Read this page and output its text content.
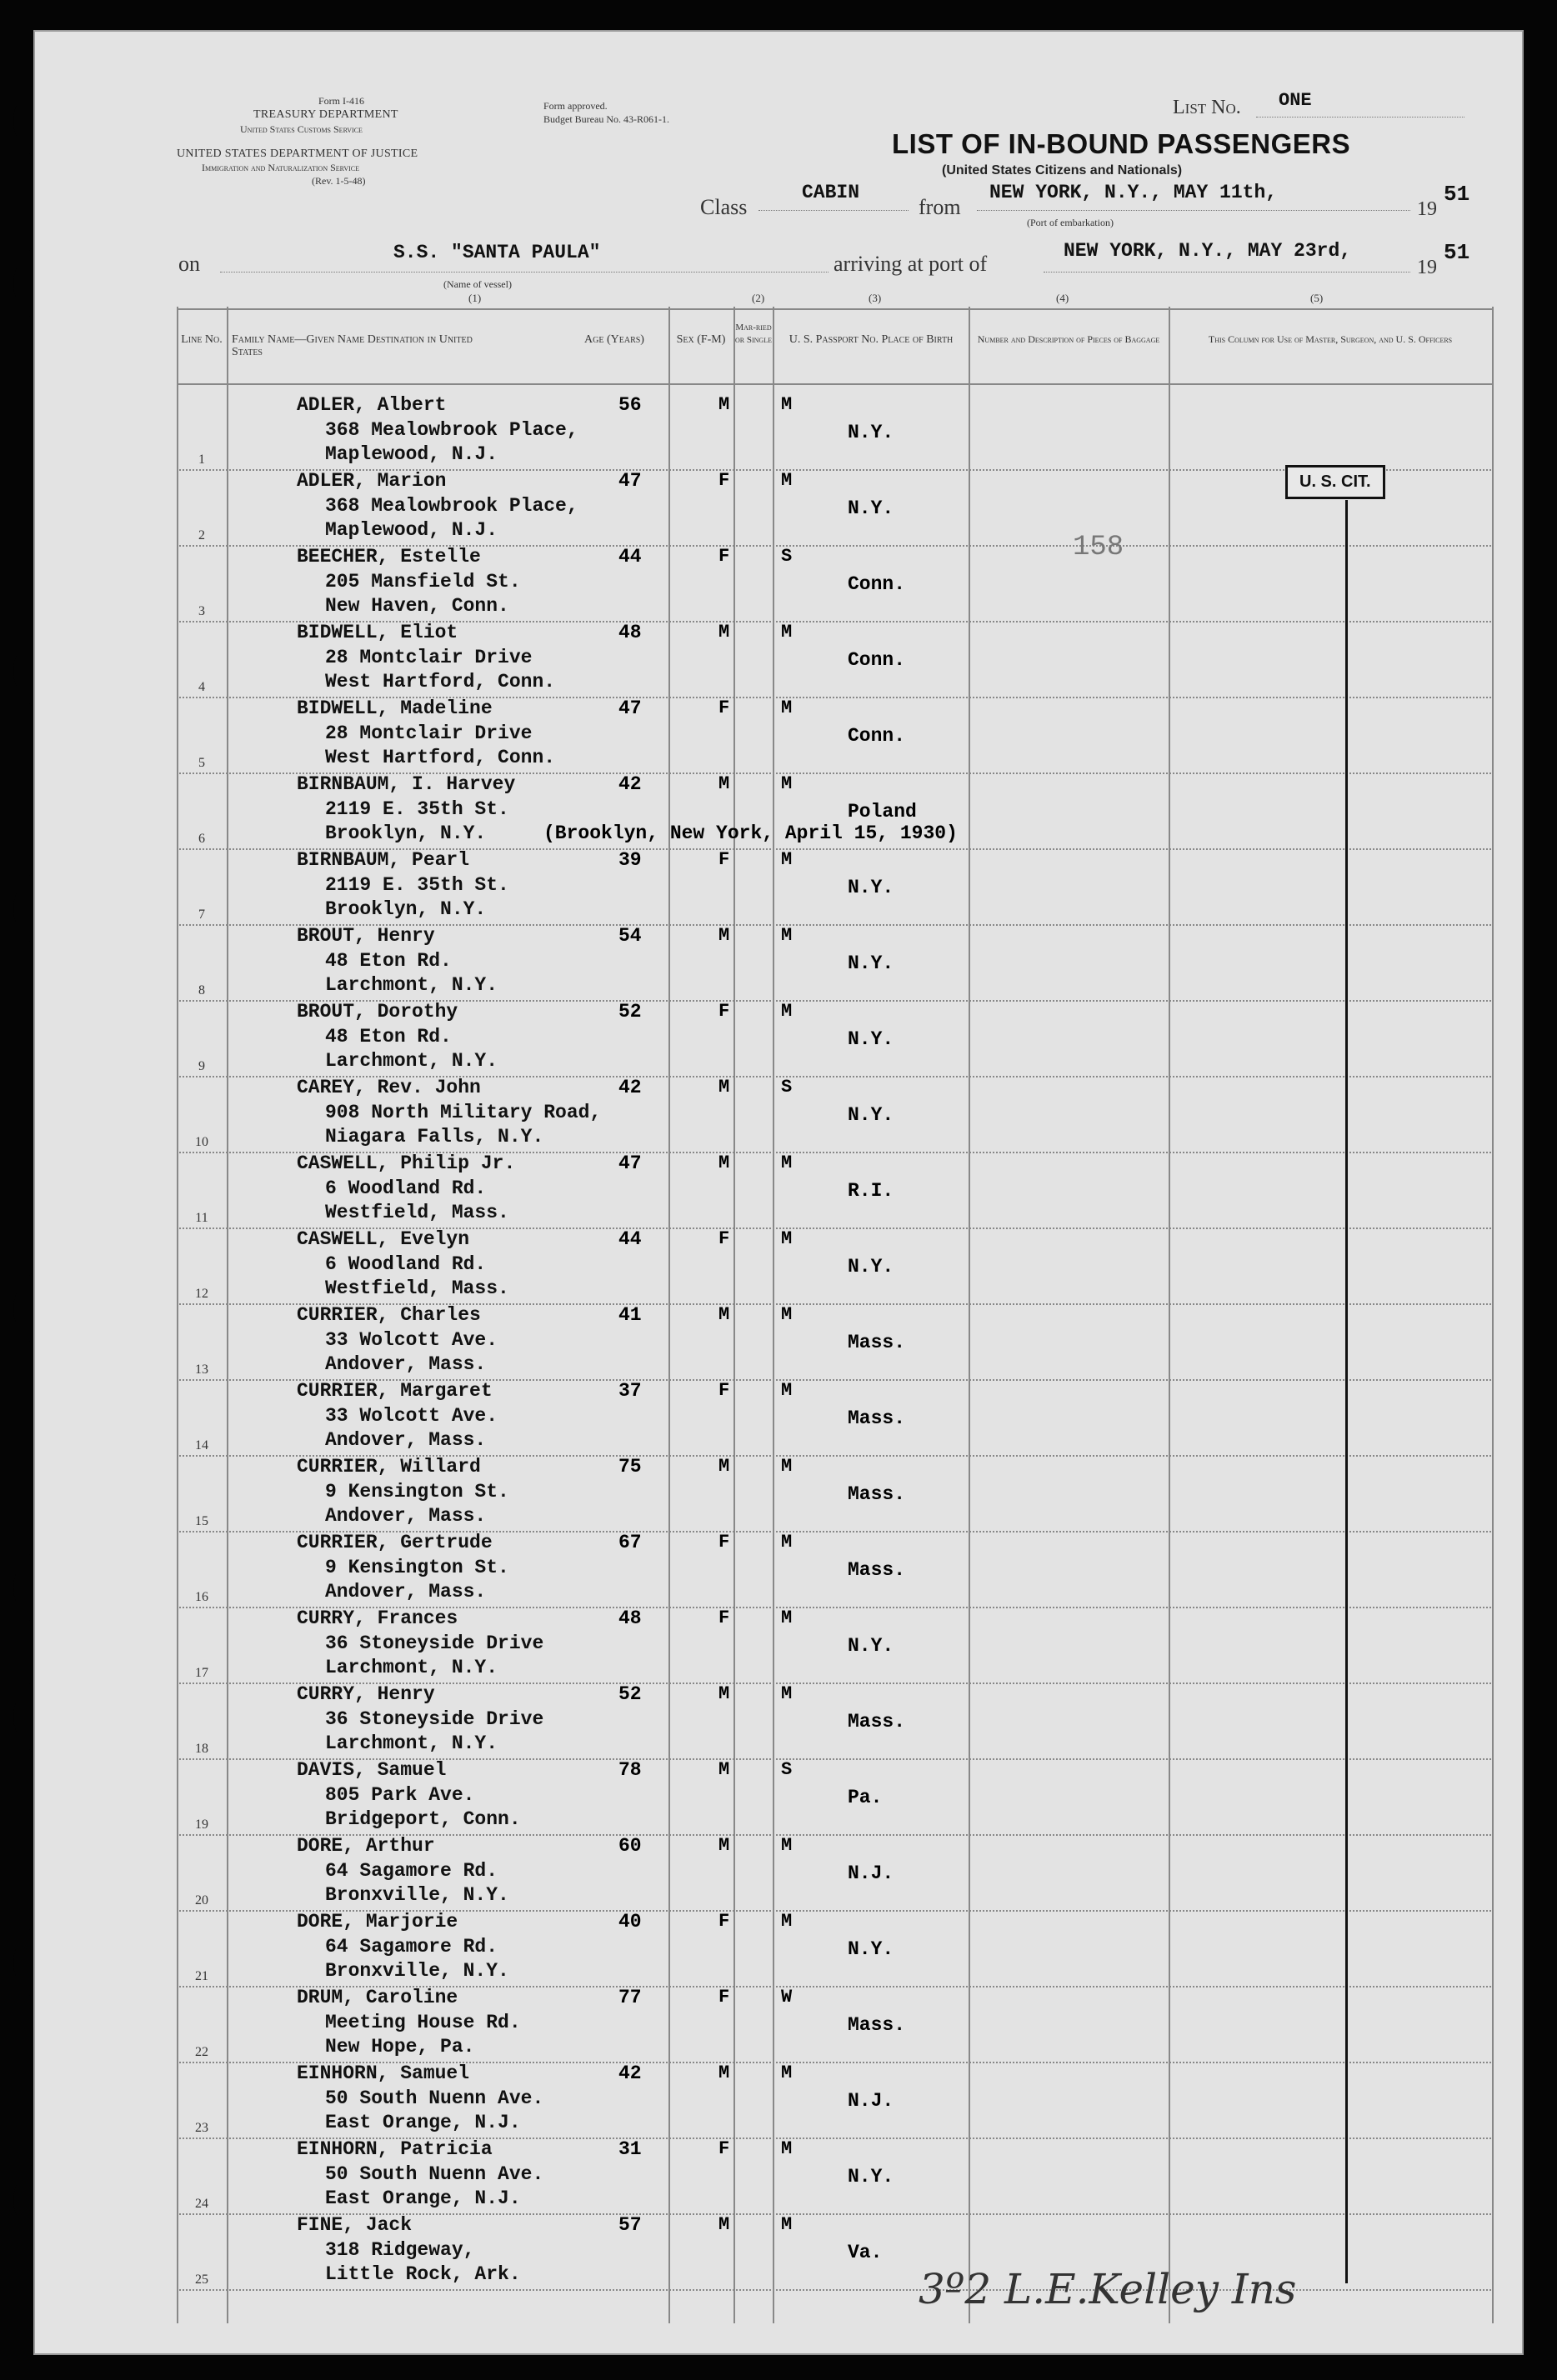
Form I-416
TREASURY DEPARTMENT
United States Customs Service
UNITED STATES DEPARTMENT OF JUSTICE
Immigration and Naturalization Service
(Rev. 1-5-48)
Form approved.
Budget Bureau No. 43-R061-1.
List No. ONE
LIST OF IN-BOUND PASSENGERS
(United States Citizens and Nationals)
Class
CABIN
from
NEW YORK, N.Y., MAY 11th,
19
51
(Port of embarkation)
on	S.S. "SANTA PAULA"
(Name of vessel)
arriving at port of
NEW YORK, N.Y., MAY 23rd,
19
51
(1)	(2)	(3)	(4)	(5)
Line No. Family Name—Given Name Destination in United States
Age (Years)	Sex (F-M)
Mar-ried or Single	U. S. Passport No. Place of Birth	Number and Description of Pieces of Baggage	This Column for Use of Master, Surgeon, and U. S. Officers
1
ADLER, Albert
368 Mealowbrook Place,
Maplewood, N.J.
56	M	M
N.Y.
2
ADLER, Marion
368 Mealowbrook Place,
Maplewood, N.J.
47	F	M
N.Y.
3
BEECHER, Estelle
205 Mansfield St.
New Haven, Conn.
44	F	S
Conn.
4
BIDWELL, Eliot
28 Montclair Drive
West Hartford, Conn.
48	M	M
Conn.
5
BIDWELL, Madeline
28 Montclair Drive
West Hartford, Conn.
47	F	M
Conn.
6
BIRNBAUM, I. Harvey
2119 E. 35th St.
Brooklyn, N.Y.
42	M	M
Poland
(Brooklyn, New York, April 15, 1930)
7
BIRNBAUM, Pearl
2119 E. 35th St.
Brooklyn, N.Y.
39	F	M
N.Y.
8
BROUT, Henry
48 Eton Rd.
Larchmont, N.Y.
54	M	M
N.Y.
9
BROUT, Dorothy
48 Eton Rd.
Larchmont, N.Y.
52	F	M
N.Y.
10
CAREY, Rev. John
908 North Military Road,
Niagara Falls, N.Y.
42	M	S
N.Y.
11
CASWELL, Philip Jr.
6 Woodland Rd.
Westfield, Mass.
47	M	M
R.I.
12
CASWELL, Evelyn
6 Woodland Rd.
Westfield, Mass.
44	F	M
N.Y.
13
CURRIER, Charles
33 Wolcott Ave.
Andover, Mass.
41	M	M
Mass.
14
CURRIER, Margaret
33 Wolcott Ave.
Andover, Mass.
37	F	M
Mass.
15
CURRIER, Willard
9 Kensington St.
Andover, Mass.
75	M	M
Mass.
16
CURRIER, Gertrude
9 Kensington St.
Andover, Mass.
67	F	M
Mass.
17
CURRY, Frances
36 Stoneyside Drive
Larchmont, N.Y.
48	F	M
N.Y.
18
CURRY, Henry
36 Stoneyside Drive
Larchmont, N.Y.
52	M	M
Mass.
19
DAVIS, Samuel
805 Park Ave.
Bridgeport, Conn.
78	M	S
Pa.
20
DORE, Arthur
64 Sagamore Rd.
Bronxville, N.Y.
60	M	M
N.J.
21
DORE, Marjorie
64 Sagamore Rd.
Bronxville, N.Y.
40	F	M
N.Y.
22
DRUM, Caroline
Meeting House Rd.
New Hope, Pa.
77	F	W
Mass.
23
EINHORN, Samuel
50 South Nuenn Ave.
East Orange, N.J.
42	M	M
N.J.
24
EINHORN, Patricia
50 South Nuenn Ave.
East Orange, N.J.
31	F	M
N.Y.
25
FINE, Jack
318 Ridgeway,
Little Rock, Ark.
57	M	M
Va.
U. S. CIT.
158
3º2 L.E.Kelley Ins
